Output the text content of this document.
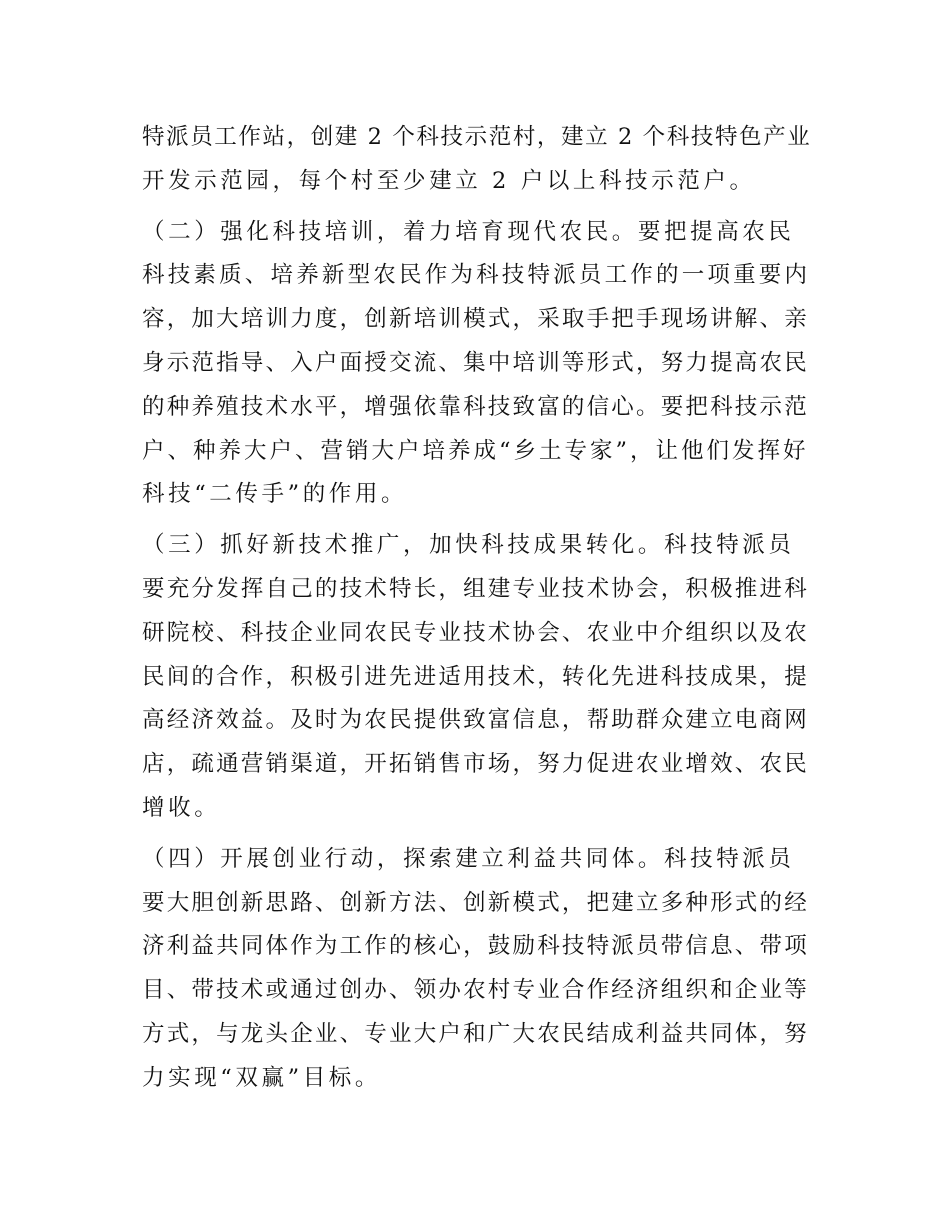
特派员工作站，创建 2 个科技示范村，建立 2 个科技特色产业
开发示范园，每个村至少建立 2 户以上科技示范户。

（二）强化科技培训，着力培育现代农民。要把提高农民
科技素质、培养新型农民作为科技特派员工作的一项重要内
容，加大培训力度，创新培训模式，采取手把手现场讲解、亲
身示范指导、入户面授交流、集中培训等形式，努力提高农民
的种养殖技术水平，增强依靠科技致富的信心。要把科技示范
户、种养大户、营销大户培养成“乡土专家”，让他们发挥好
科技“二传手”的作用。

（三）抓好新技术推广，加快科技成果转化。科技特派员
要充分发挥自己的技术特长，组建专业技术协会，积极推进科
研院校、科技企业同农民专业技术协会、农业中介组织以及农
民间的合作，积极引进先进适用技术，转化先进科技成果，提
高经济效益。及时为农民提供致富信息，帮助群众建立电商网
店，疏通营销渠道，开拓销售市场，努力促进农业增效、农民
增收。

（四）开展创业行动，探索建立利益共同体。科技特派员
要大胆创新思路、创新方法、创新模式，把建立多种形式的经
济利益共同体作为工作的核心，鼓励科技特派员带信息、带项
目、带技术或通过创办、领办农村专业合作经济组织和企业等
方式，与龙头企业、专业大户和广大农民结成利益共同体，努
力实现“双赢”目标。
